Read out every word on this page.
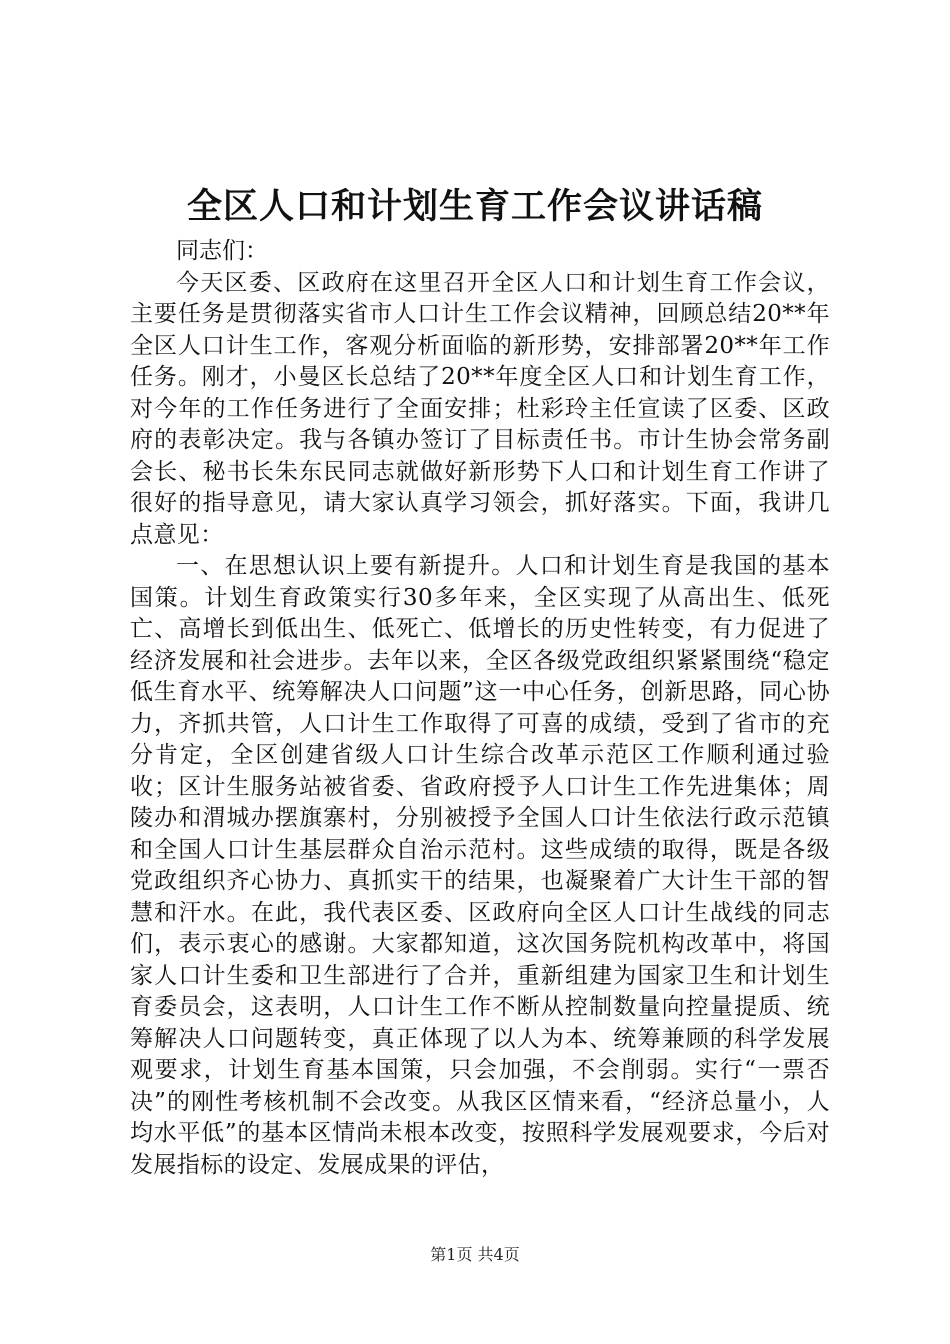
全区人口和计划生育工作会议讲话稿

同志们：

今天区委、区政府在这里召开全区人口和计划生育工作会议，主要任务是贯彻落实省市人口计生工作会议精神，回顾总结20**年全区人口计生工作，客观分析面临的新形势，安排部署20**年工作任务。刚才，小曼区长总结了20**年度全区人口和计划生育工作，对今年的工作任务进行了全面安排；杜彩玲主任宣读了区委、区政府的表彰决定。我与各镇办签订了目标责任书。市计生协会常务副会长、秘书长朱东民同志就做好新形势下人口和计划生育工作讲了很好的指导意见，请大家认真学习领会，抓好落实。下面，我讲几点意见：

一、在思想认识上要有新提升。人口和计划生育是我国的基本国策。计划生育政策实行30多年来，全区实现了从高出生、低死亡、高增长到低出生、低死亡、低增长的历史性转变，有力促进了经济发展和社会进步。去年以来，全区各级党政组织紧紧围绕“稳定低生育水平、统筹解决人口问题”这一中心任务，创新思路，同心协力，齐抓共管，人口计生工作取得了可喜的成绩，受到了省市的充分肯定，全区创建省级人口计生综合改革示范区工作顺利通过验收；区计生服务站被省委、省政府授予人口计生工作先进集体；周陵办和渭城办摆旗寨村，分别被授予全国人口计生依法行政示范镇和全国人口计生基层群众自治示范村。这些成绩的取得，既是各级党政组织齐心协力、真抓实干的结果，也凝聚着广大计生干部的智慧和汗水。在此，我代表区委、区政府向全区人口计生战线的同志们，表示衷心的感谢。大家都知道，这次国务院机构改革中，将国家人口计生委和卫生部进行了合并，重新组建为国家卫生和计划生育委员会，这表明，人口计生工作不断从控制数量向控量提质、统筹解决人口问题转变，真正体现了以人为本、统筹兼顾的科学发展观要求，计划生育基本国策，只会加强，不会削弱。实行“一票否决”的刚性考核机制不会改变。从我区区情来看，“经济总量小，人均水平低”的基本区情尚未根本改变，按照科学发展观要求，今后对发展指标的设定、发展成果的评估，

第1页 共4页
